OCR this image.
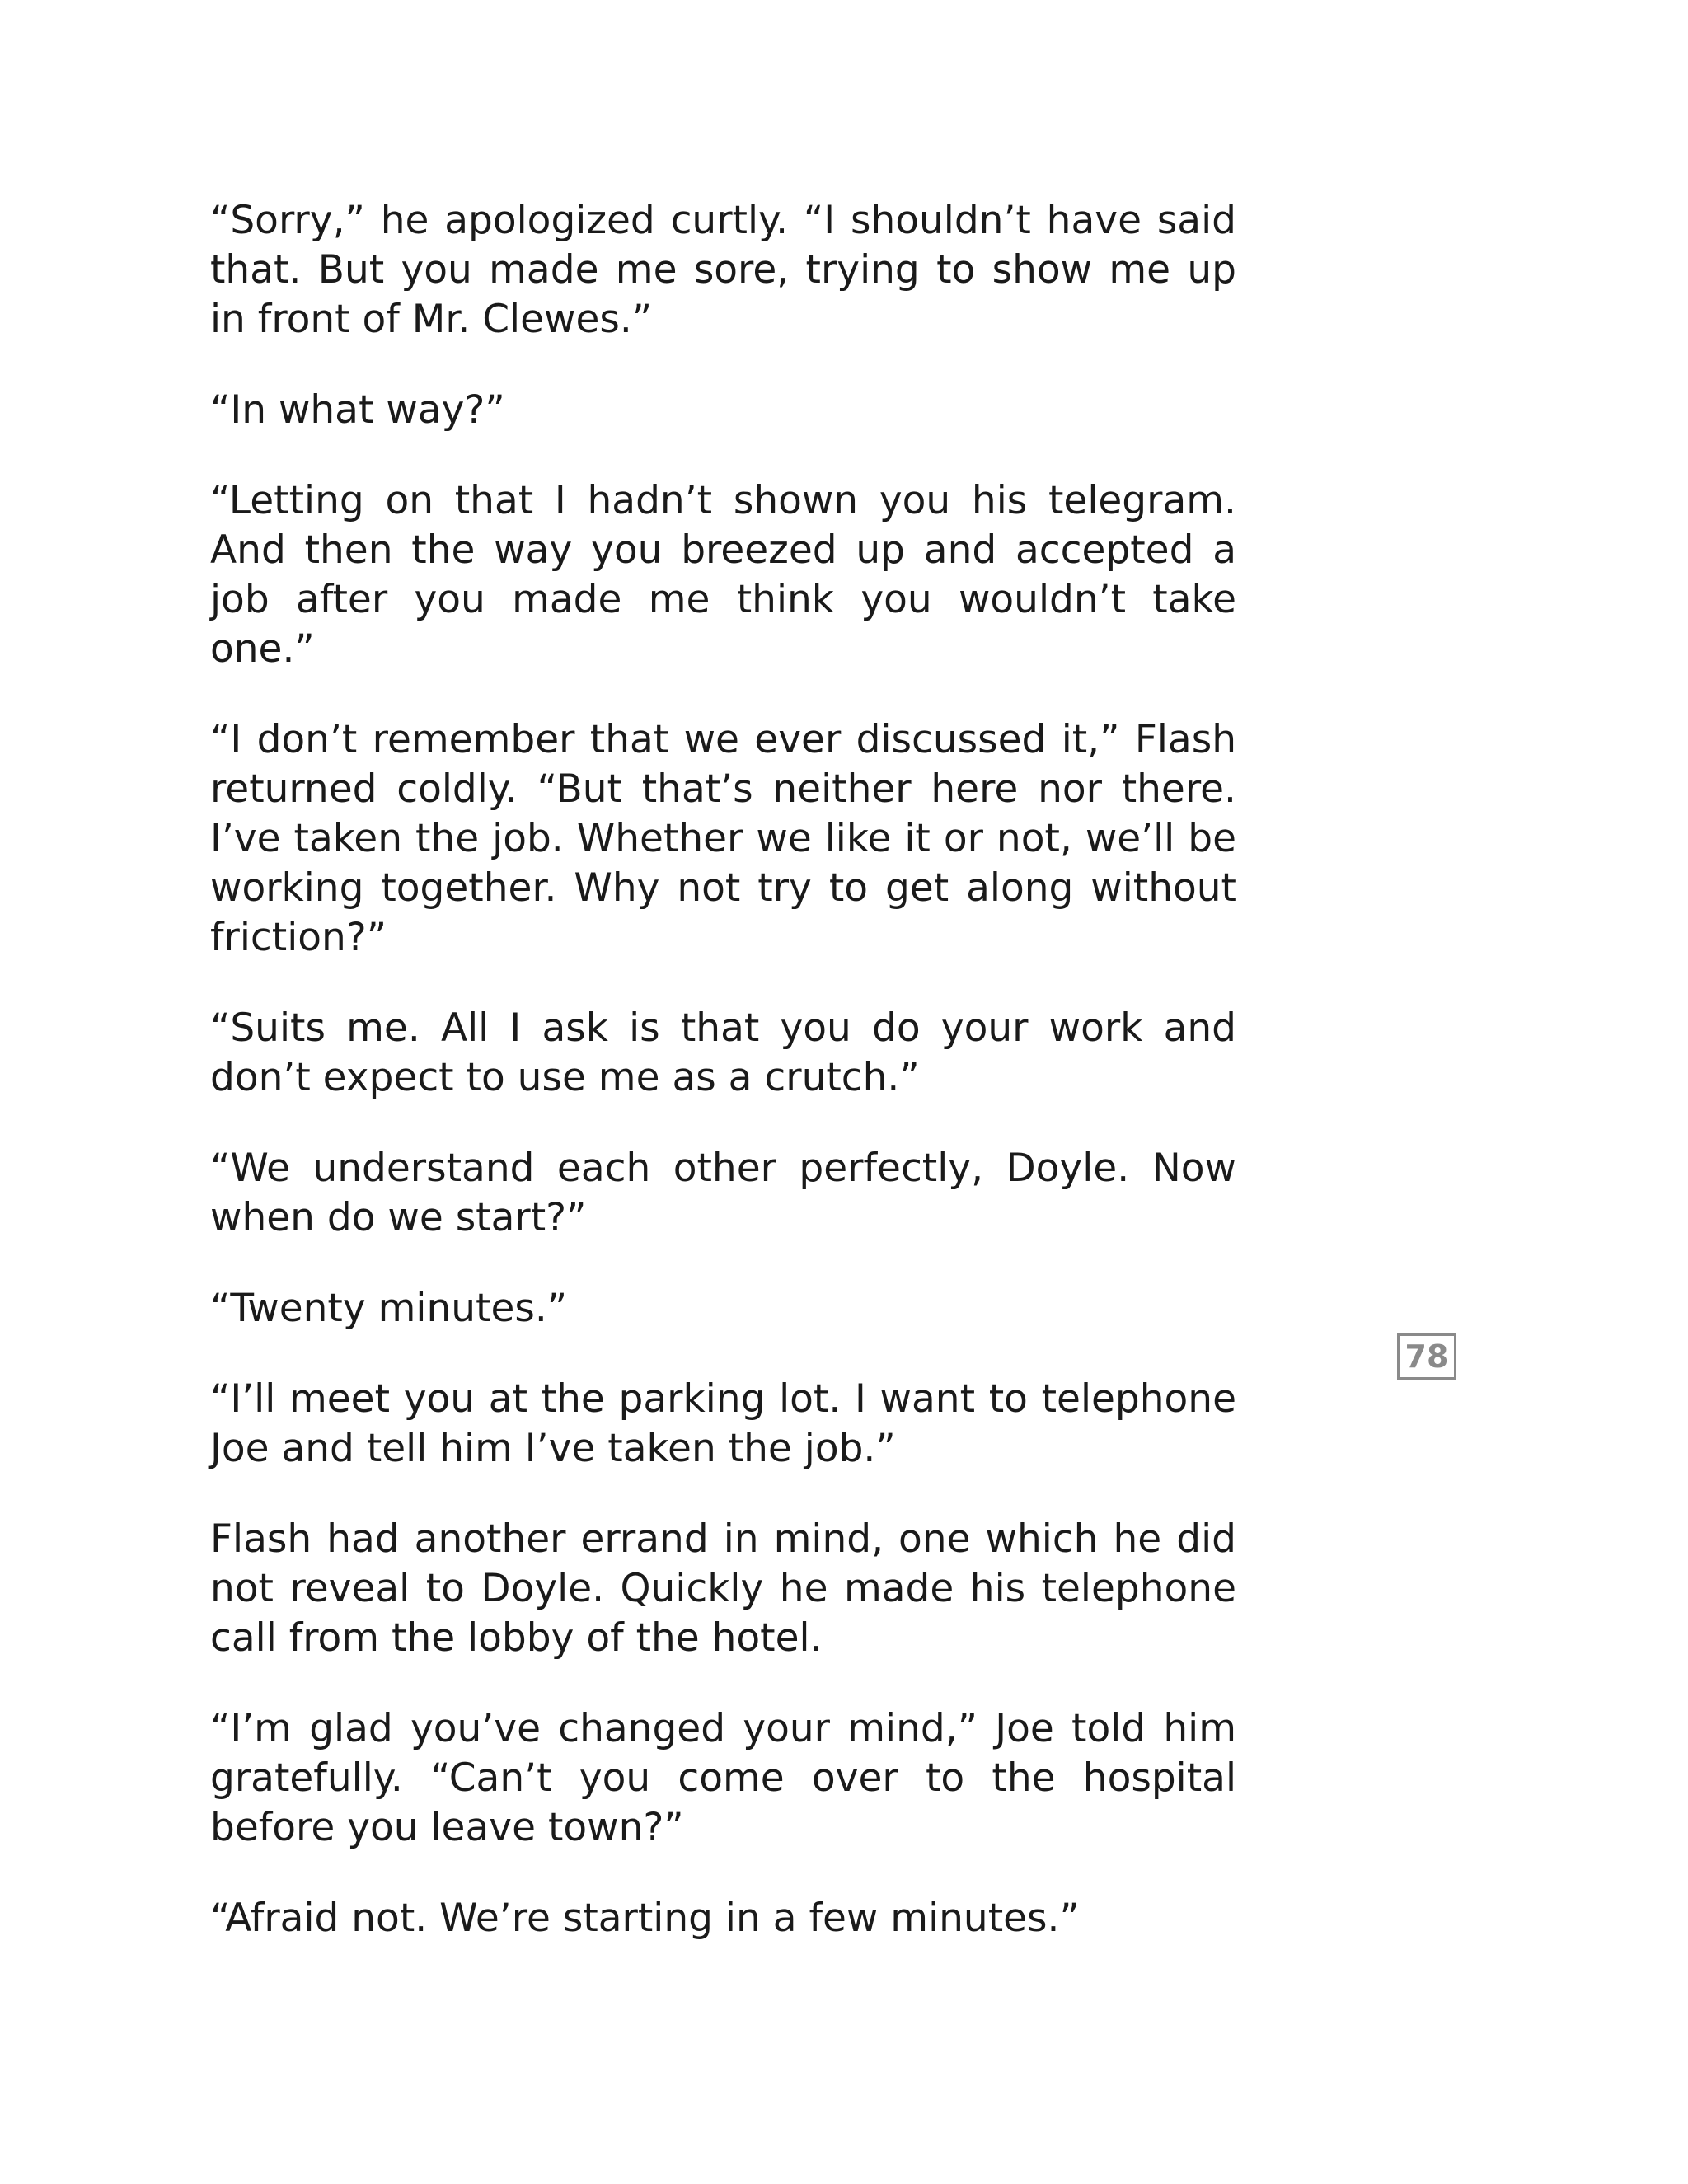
“Sorry,” he apologized curtly. “I shouldn’t have said that. But you made me sore, trying to show me up in front of Mr. Clewes.”

“In what way?”

“Letting on that I hadn’t shown you his telegram. And then the way you breezed up and accepted a job after you made me think you wouldn’t take one.”

“I don’t remember that we ever discussed it,” Flash returned coldly. “But that’s neither here nor there. I’ve taken the job. Whether we like it or not, we’ll be working together. Why not try to get along without friction?”

“Suits me. All I ask is that you do your work and don’t expect to use me as a crutch.”

“We understand each other perfectly, Doyle. Now when do we start?”

“Twenty minutes.”

“I’ll meet you at the parking lot. I want to telephone Joe and tell him I’ve taken the job.”

Flash had another errand in mind, one which he did not reveal to Doyle. Quickly he made his telephone call from the lobby of the hotel.

“I’m glad you’ve changed your mind,” Joe told him gratefully. “Can’t you come over to the hospital before you leave town?”

“Afraid not. We’re starting in a few minutes.”

78
